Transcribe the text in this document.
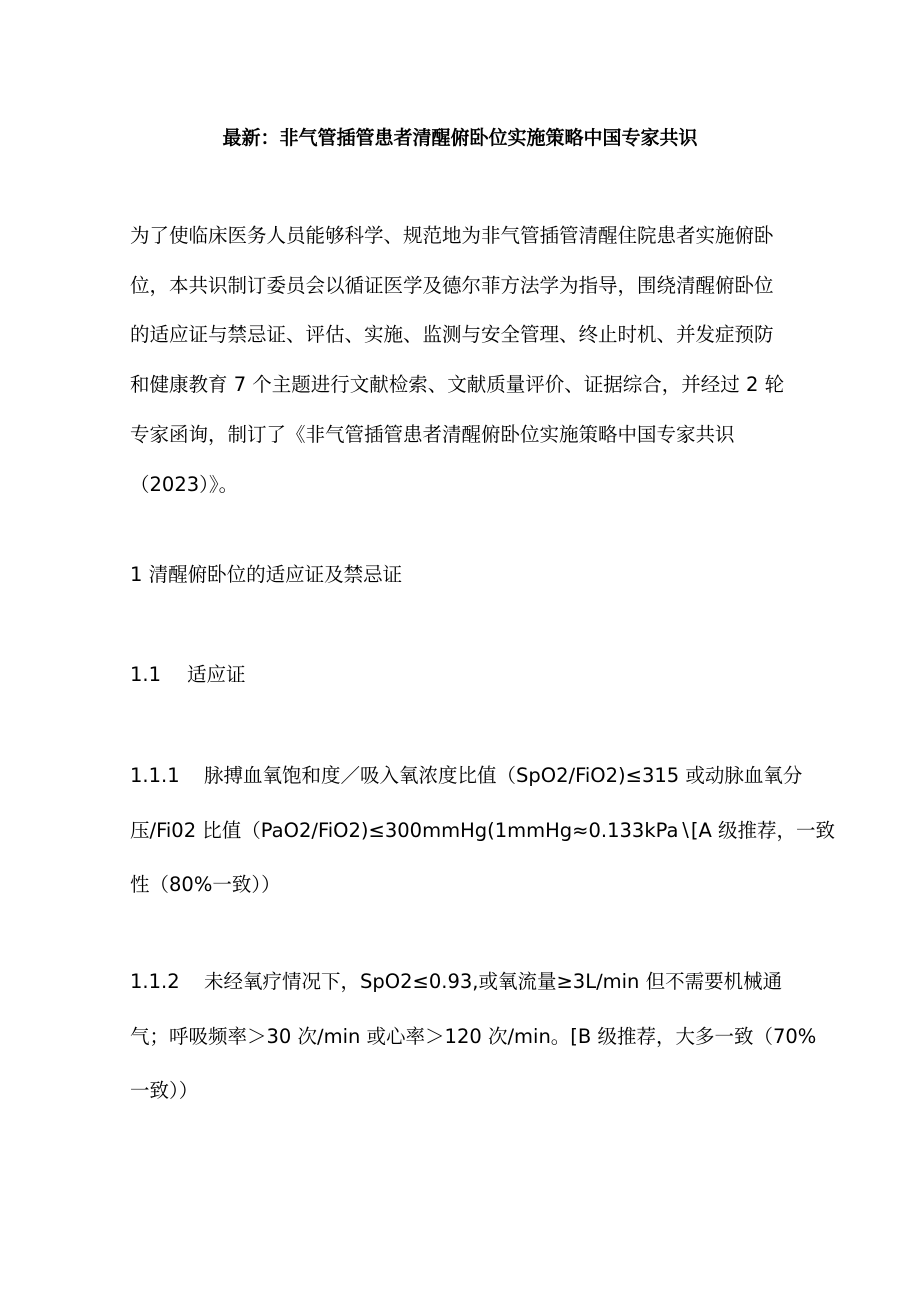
最新：非气管插管患者清醒俯卧位实施策略中国专家共识
为了使临床医务人员能够科学、规范地为非气管插管清醒住院患者实施俯卧
位，本共识制订委员会以循证医学及德尔菲方法学为指导，围绕清醒俯卧位
的适应证与禁忌证、评估、实施、监测与安全管理、终止时机、并发症预防
和健康教育 7 个主题进行文献检索、文献质量评价、证据综合，并经过 2 轮
专家函询，制订了《非气管插管患者清醒俯卧位实施策略中国专家共识
（2023）》。
1 清醒俯卧位的适应证及禁忌证
1.1 适应证
1.1.1 脉搏血氧饱和度／吸入氧浓度比值（SpO2∕FiO2)≤315 或动脉血氧分
压/Fi02 比值（PaO2∕FiO2)≤300mmHg(1mmHg≈0.133kPa∖[A 级推荐，一致
性（80%一致））
1.1.2 未经氧疗情况下，SpO2≤0.93,或氧流量≥3L∕min 但不需要机械通
气；呼吸频率＞30 次∕min 或心率＞120 次/min。[B 级推荐，大多一致（70%
一致））
